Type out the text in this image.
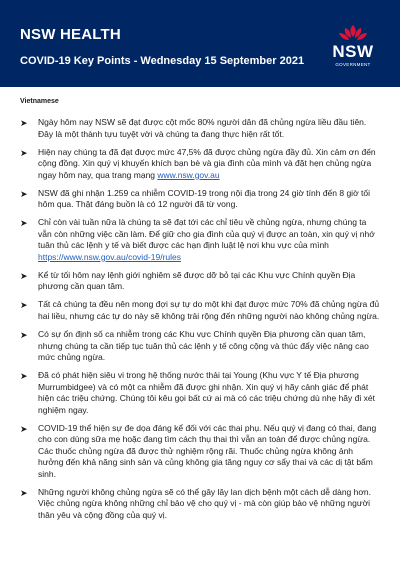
NSW HEALTH

COVID-19 Key Points - Wednesday 15 September 2021 NSW
GOVERNMENT
Vietnamese
➤ Ngày hôm nay NSW sẽ đạt được cột mốc 80% người dân đã chủng ngừa liều đầu tiên. Đây là một thành tựu tuyệt vời và chúng ta đang thực hiện rất tốt.
➤ Hiện nay chúng ta đã đạt được mức 47,5% đã được chủng ngừa đầy đủ. Xin cảm ơn đến cộng đồng. Xin quý vị khuyến khích bạn bè và gia đình của mình và đặt hẹn chủng ngừa ngay hôm nay, qua trang mạng www.nsw.gov.au
➤ NSW đã ghi nhận 1.259 ca nhiễm COVID-19 trong nội địa trong 24 giờ tính đến 8 giờ tối hôm qua. Thật đáng buồn là có 12 người đã từ vong.
➤ Chỉ còn vài tuần nữa là chúng ta sẽ đạt tới các chỉ tiêu về chủng ngừa, nhưng chúng ta vẫn còn những việc cần làm. Để giữ cho gia đình của quý vị được an toàn, xin quý vị nhớ tuân thủ các lệnh y tế và biết được các hạn định luật lệ nơi khu vực của mình https://www.nsw.gov.au/covid-19/rules
➤ Kể từ tối hôm nay lệnh giới nghiêm sẽ được dỡ bỏ tại các Khu vực Chính quyền Địa phương cần quan tâm.
➤ Tất cả chúng ta đều nên mong đợi sự tự do một khi đạt được mức 70% đã chủng ngừa đủ hai liều, nhưng các tự do này sẽ không trải rộng đến những người nào không chủng ngừa.
➤ Có sự ổn định số ca nhiễm trong các Khu vực Chính quyền Địa phương cần quan tâm, nhưng chúng ta cần tiếp tục tuân thủ các lệnh y tế công cộng và thúc đẩy việc nâng cao mức chủng ngừa.
➤ Đã có phát hiện siêu vi trong hệ thống nước thải tại Young (Khu vực Y tế Địa phương Murrumbidgee) và có một ca nhiễm đã được ghi nhận. Xin quý vị hãy cảnh giác để phát hiện các triệu chứng. Chúng tôi kêu gọi bất cứ ai mà có các triệu chứng dù nhẹ hãy đi xét nghiệm ngay.
➤ COVID-19 thể hiện sự đe dọa đáng kể đối với các thai phụ. Nếu quý vị đang có thai, đang cho con dùng sữa mẹ hoặc đang tìm cách thụ thai thì vẫn an toàn để được chủng ngừa. Các thuốc chủng ngừa đã được thử nghiệm rộng rãi. Thuốc chủng ngừa không ảnh hưởng đến khả năng sinh sản và củng không gia tăng nguy cơ sẩy thai và các dị tật bẩm sinh.
➤ Những người không chủng ngừa sẽ có thể gây lây lan dịch bệnh một cách dễ dàng hơn. Việc chủng ngừa không những chỉ bảo vệ cho quý vị - mà còn giúp bảo vệ những người thân yêu và cộng đồng của quý vị.
